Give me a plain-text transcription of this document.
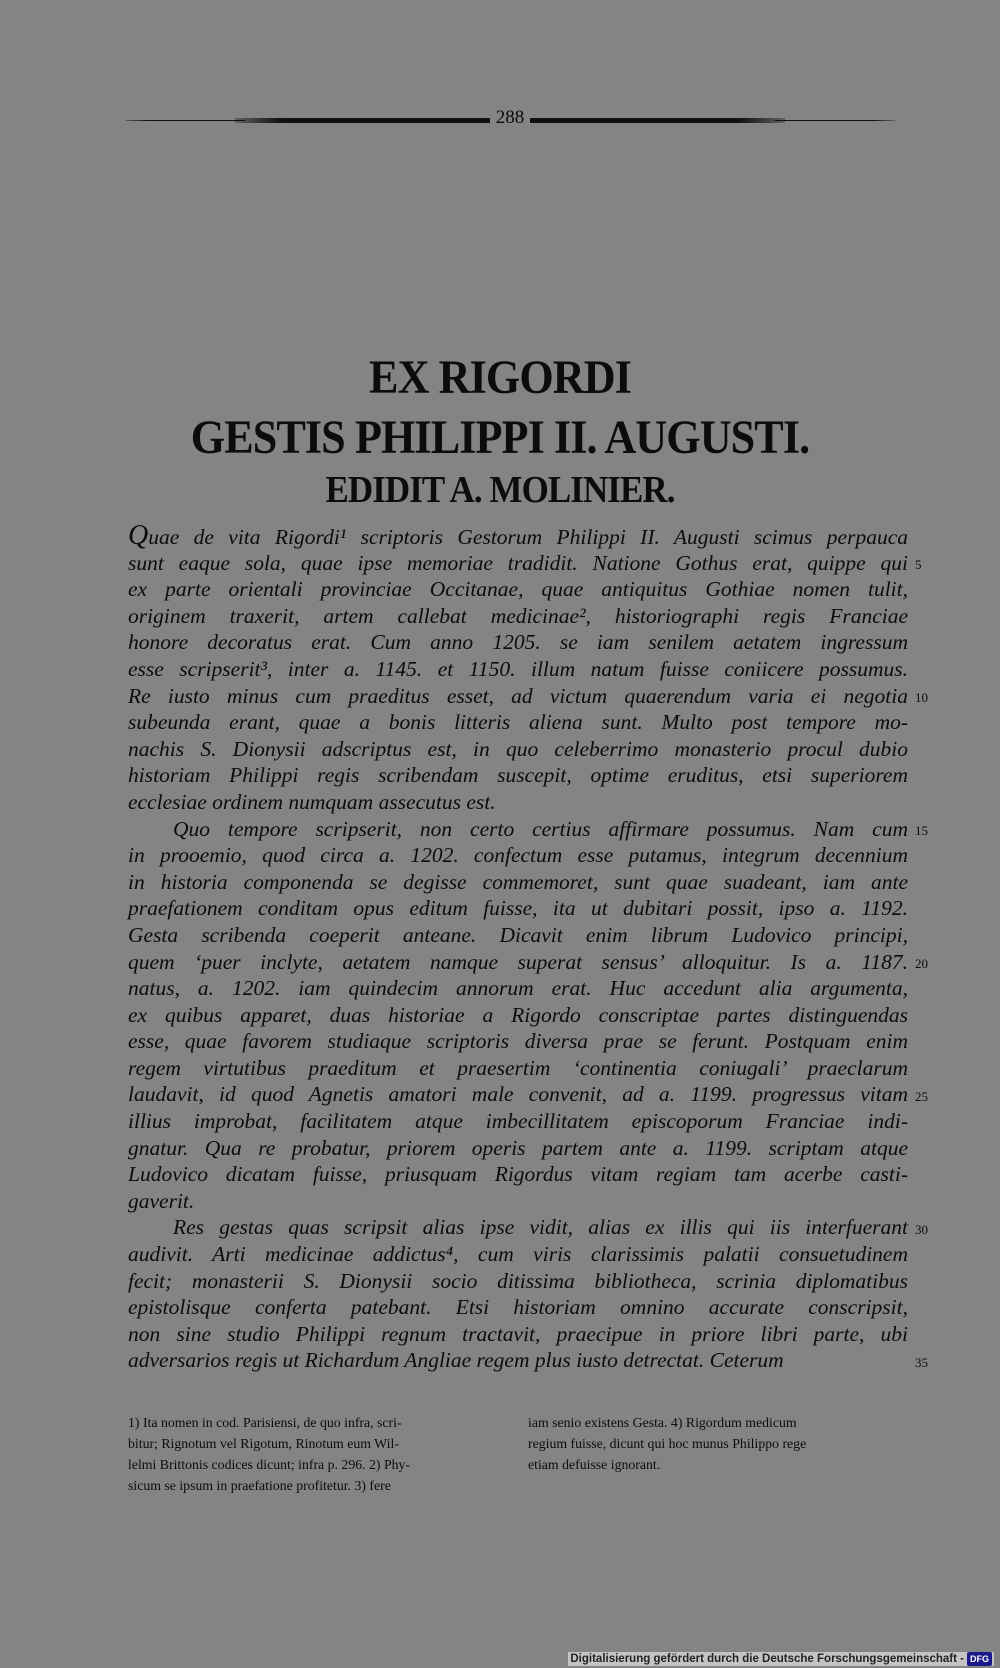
288
EX RIGORDI
GESTIS PHILIPPI II. AUGUSTI.
EDIDIT A. MOLINIER.
Quae de vita Rigordi¹ scriptoris Gestorum Philippi II. Augusti scimus perpauca
sunt eaque sola, quae ipse memoriae tradidit. Natione Gothus erat, quippe qui
ex parte orientali provinciae Occitanae, quae antiquitus Gothiae nomen tulit,
originem traxerit, artem callebat medicinae², historiographi regis Franciae
honore decoratus erat. Cum anno 1205. se iam senilem aetatem ingressum
esse scripserit³, inter a. 1145. et 1150. illum natum fuisse coniicere possumus.
Re iusto minus cum praeditus esset, ad victum quaerendum varia ei negotia
subeunda erant, quae a bonis litteris aliena sunt. Multo post tempore mo-
nachis S. Dionysii adscriptus est, in quo celeberrimo monasterio procul dubio
historiam Philippi regis scribendam suscepit, optime eruditus, etsi superiorem
ecclesiae ordinem numquam assecutus est.
Quo tempore scripserit, non certo certius affirmare possumus. Nam cum
in prooemio, quod circa a. 1202. confectum esse putamus, integrum decennium
in historia componenda se degisse commemoret, sunt quae suadeant, iam ante
praefationem conditam opus editum fuisse, ita ut dubitari possit, ipso a. 1192.
Gesta scribenda coeperit anteane. Dicavit enim librum Ludovico principi,
quem ‘puer inclyte, aetatem namque superat sensus’ alloquitur. Is a. 1187.
natus, a. 1202. iam quindecim annorum erat. Huc accedunt alia argumenta,
ex quibus apparet, duas historiae a Rigordo conscriptae partes distinguendas
esse, quae favorem studiaque scriptoris diversa prae se ferunt. Postquam enim
regem virtutibus praeditum et praesertim ‘continentia coniugali’ praeclarum
laudavit, id quod Agnetis amatori male convenit, ad a. 1199. progressus vitam
illius improbat, facilitatem atque imbecillitatem episcoporum Franciae indi-
gnatur. Qua re probatur, priorem operis partem ante a. 1199. scriptam atque
Ludovico dicatam fuisse, priusquam Rigordus vitam regiam tam acerbe casti-
gaverit.
Res gestas quas scripsit alias ipse vidit, alias ex illis qui iis interfuerant
audivit. Arti medicinae addictus⁴, cum viris clarissimis palatii consuetudinem
fecit; monasterii S. Dionysii socio ditissima bibliotheca, scrinia diplomatibus
epistolisque conferta patebant. Etsi historiam omnino accurate conscripsit,
non sine studio Philippi regnum tractavit, praecipue in priore libri parte, ubi
adversarios regis ut Richardum Angliae regem plus iusto detrectat. Ceterum
5
10
15
20
25
30
35
1) Ita nomen in cod. Parisiensi, de quo infra, scri-
bitur; Rignotum vel Rigotum, Rinotum eum Wil-
lelmi Brittonis codices dicunt; infra p. 296. 2) Phy-
sicum se ipsum in praefatione profitetur. 3) fere
iam senio existens Gesta. 4) Rigordum medicum
regium fuisse, dicunt qui hoc munus Philippo rege
etiam defuisse ignorant.
Digitalisierung gefördert durch die Deutsche Forschungsgemeinschaft - DFG
